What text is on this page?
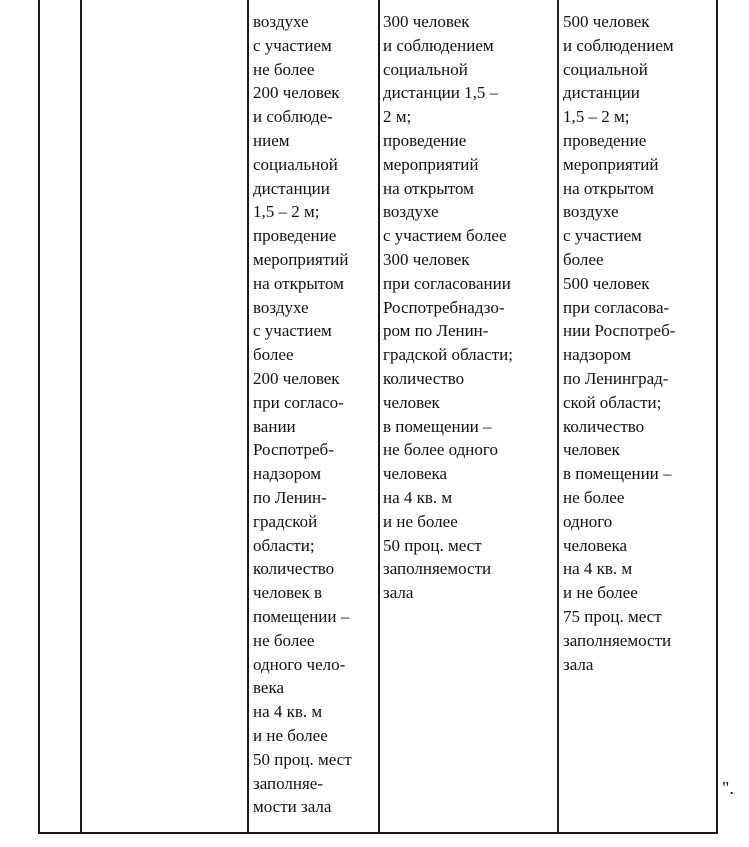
воздухе
с участием
не более
200 человек
и соблюде-
нием
социальной
дистанции
1,5 – 2 м;
проведение
мероприятий
на открытом
воздухе
с участием
более
200 человек
при согласо-
вании
Роспотреб-
надзором
по Ленин-
градской
области;
количество
человек в
помещении –
не более
одного чело-
века
на 4 кв. м
и не более
50 проц. мест
заполняе-
мости зала
300 человек
и соблюдением
социальной
дистанции 1,5 –
2 м;
проведение
мероприятий
на открытом
воздухе
с участием более
300 человек
при согласовании
Роспотребнадзо-
ром по Ленин-
градской области;
количество
человек
в помещении –
не более одного
человека
на 4 кв. м
и не более
50 проц. мест
заполняемости
зала
500 человек
и соблюдением
социальной
дистанции
1,5 – 2 м;
проведение
мероприятий
на открытом
воздухе
с участием
более
500 человек
при согласова-
нии Роспотреб-
надзором
по Ленинград-
ской области;
количество
человек
в помещении –
не более
одного
человека
на 4 кв. м
и не более
75 проц. мест
заполняемости
зала
".
